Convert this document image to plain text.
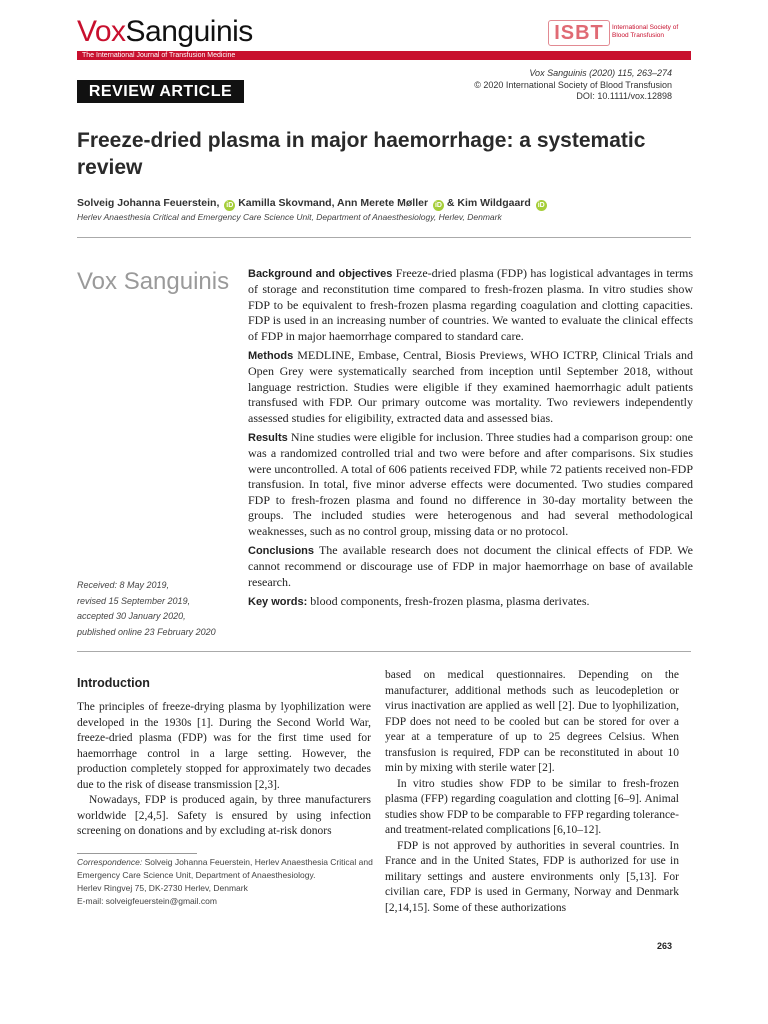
VoxSanguinis
The International Journal of Transfusion Medicine
ISBT	International Society of Blood Transfusion
REVIEW ARTICLE
Vox Sanguinis (2020) 115, 263–274
© 2020 International Society of Blood Transfusion
DOI: 10.1111/vox.12898
Freeze-dried plasma in major haemorrhage: a systematic review
Solveig Johanna Feuerstein, iD Kamilla Skovmand, Ann Merete Møller iD & Kim Wildgaard iD
Herlev Anaesthesia Critical and Emergency Care Science Unit, Department of Anaesthesiology, Herlev, Denmark
Vox Sanguinis Background and objectives Freeze-dried plasma (FDP) has logistical advantages in terms of storage and reconstitution time compared to fresh-frozen plasma. In vitro studies show FDP to be equivalent to fresh-frozen plasma regarding coagulation and clotting capacities. FDP is used in an increasing number of countries. We wanted to evaluate the clinical effects of FDP in major haemorrhage compared to standard care.

Methods MEDLINE, Embase, Central, Biosis Previews, WHO ICTRP, Clinical Trials and Open Grey were systematically searched from inception until September 2018, without language restriction. Studies were eligible if they examined haemorrhagic adult patients transfused with FDP. Our primary outcome was mortality. Two reviewers independently assessed studies for eligibility, extracted data and assessed bias.

Results Nine studies were eligible for inclusion. Three studies had a comparison group: one was a randomized controlled trial and two were before and after comparisons. Six studies were uncontrolled. A total of 606 patients received FDP, while 72 patients received non-FDP transfusion. In total, five minor adverse effects were documented. Two studies compared FDP to fresh-frozen plasma and found no difference in 30-day mortality between the groups. The included studies were heterogenous and had several methodological weaknesses, such as no control group, missing data or no protocol.

Conclusions The available research does not document the clinical effects of FDP. We cannot recommend or discourage use of FDP in major haemorrhage on base of available research.

Key words: blood components, fresh-frozen plasma, plasma derivates.

Received: 8 May 2019,
revised 15 September 2019,
accepted 30 January 2020,
published online 23 February 2020
Introduction

The principles of freeze-drying plasma by lyophilization were developed in the 1930s [1]. During the Second World War, freeze-dried plasma (FDP) was for the first time used for haemorrhage control in a large setting. However, the production completely stopped for approximately two decades due to the risk of disease transmission [2,3].

Nowadays, FDP is produced again, by three manufacturers worldwide [2,4,5]. Safety is ensured by using infection screening on donations and by excluding at-risk donors

based on medical questionnaires. Depending on the manufacturer, additional methods such as leucodepletion or virus inactivation are applied as well [2]. Due to lyophilization, FDP does not need to be cooled but can be stored for over a year at a temperature of up to 25 degrees Celsius. When transfusion is required, FDP can be reconstituted in about 10 min by mixing with sterile water [2].

In vitro studies show FDP to be similar to fresh-frozen plasma (FFP) regarding coagulation and clotting [6–9]. Animal studies show FDP to be comparable to FFP regarding tolerance- and treatment-related complications [6,10–12].

FDP is not approved by authorities in several countries. In France and in the United States, FDP is authorized for use in military settings and austere environments only [5,13]. For civilian care, FDP is used in Germany, Norway and Denmark [2,14,15]. Some of these authorizations

Correspondence: Solveig Johanna Feuerstein, Herlev Anaesthesia Critical and Emergency Care Science Unit, Department of Anaesthesiology.
Herlev Ringvej 75, DK-2730 Herlev, Denmark
E-mail: solveigfeuerstein@gmail.com
263
